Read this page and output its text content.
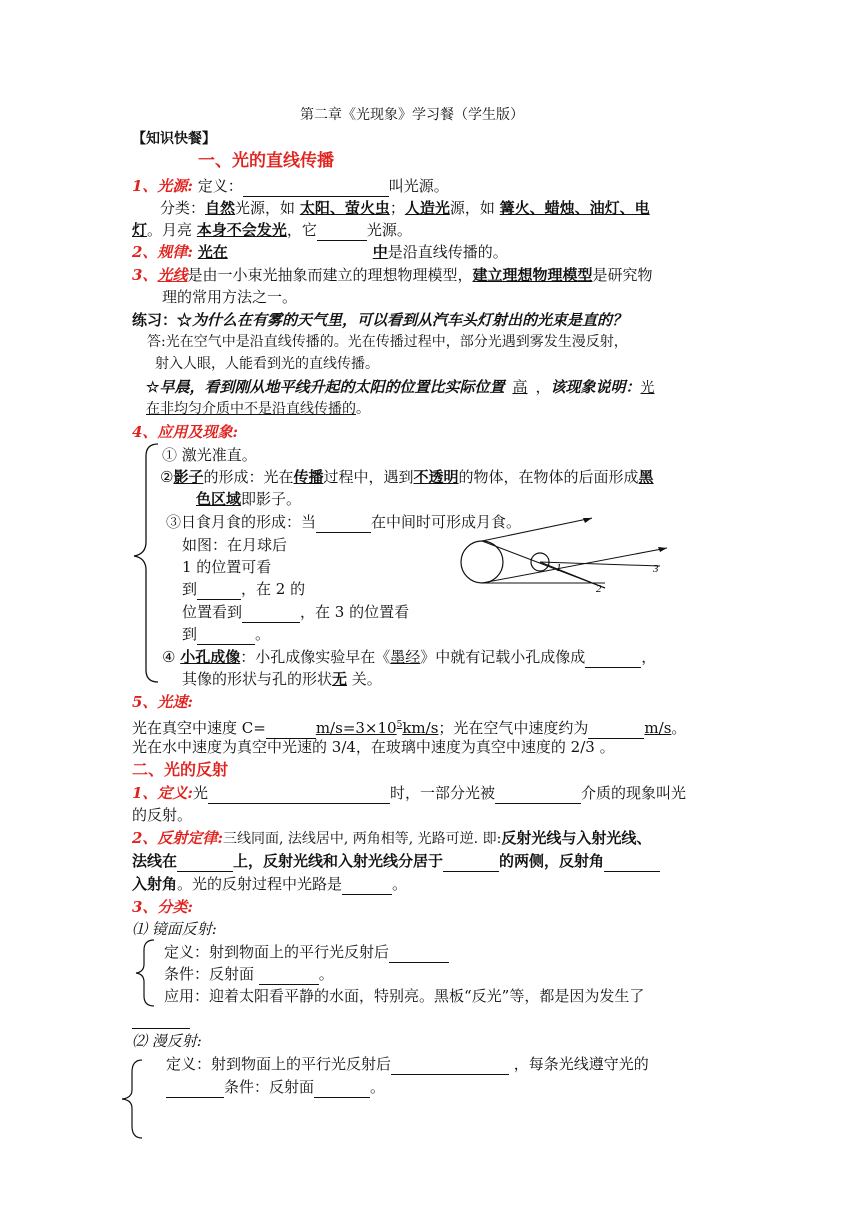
第二章《光现象》学习餐（学生版）
【知识快餐】
一、光的直线传播
1、光源: 定义：	叫光源。
分类：自然光源，如 太阳、萤火虫；人造光源，如 篝火、蜡烛、油灯、电
灯。月亮 本身不会发光，它	光源。
2、规律: 光在	中是沿直线传播的。
3、光线是由一小束光抽象而建立的理想物理模型，建立理想物理模型是研究物
理的常用方法之一。
练习：☆为什么在有雾的天气里，可以看到从汽车头灯射出的光束是直的？
答:光在空气中是沿直线传播的。光在传播过程中，部分光遇到雾发生漫反射，
射入人眼，人能看到光的直线传播。
☆早晨，看到刚从地平线升起的太阳的位置比实际位置 高 ，该现象说明：光
在非均匀介质中不是沿直线传播的。
4、应用及现象:
① 激光准直。
②影子的形成：光在传播过程中，遇到不透明的物体，在物体的后面形成黑
色区域即影子。
③日食月食的形成：当	在中间时可形成月食。
如图：在月球后
1 的位置可看
到	，在 2 的
位置看到	，在 3 的位置看
到	。
1
2
3
④ 小孔成像：小孔成像实验早在《墨经》中就有记载小孔成像成	，
其像的形状与孔的形状无 关。
5、光速:
光在真空中速度 C=	$m/s=3\times 10^5km/s$；光在空气中速度约为	m/s。
光在水中速度为真空中光速的 3/4，在玻璃中速度为真空中速度的 2/3 。
二、光的反射
1、定义:光	时，一部分光被	介质的现象叫光
的反射。
2、反射定律:三线同面, 法线居中, 两角相等, 光路可逆. 即:反射光线与入射光线、
法线在	上，反射光线和入射光线分居于	的两侧，反射角
入射角。光的反射过程中光路是	。
3、分类:
⑴ 镜面反射:
定义：射到物面上的平行光反射后
条件：反射面	。
应用：迎着太阳看平静的水面，特别亮。黑板“反光”等，都是因为发生了
⑵ 漫反射:
定义：射到物面上的平行光反射后	，每条光线遵守光的
条件：反射面	。
